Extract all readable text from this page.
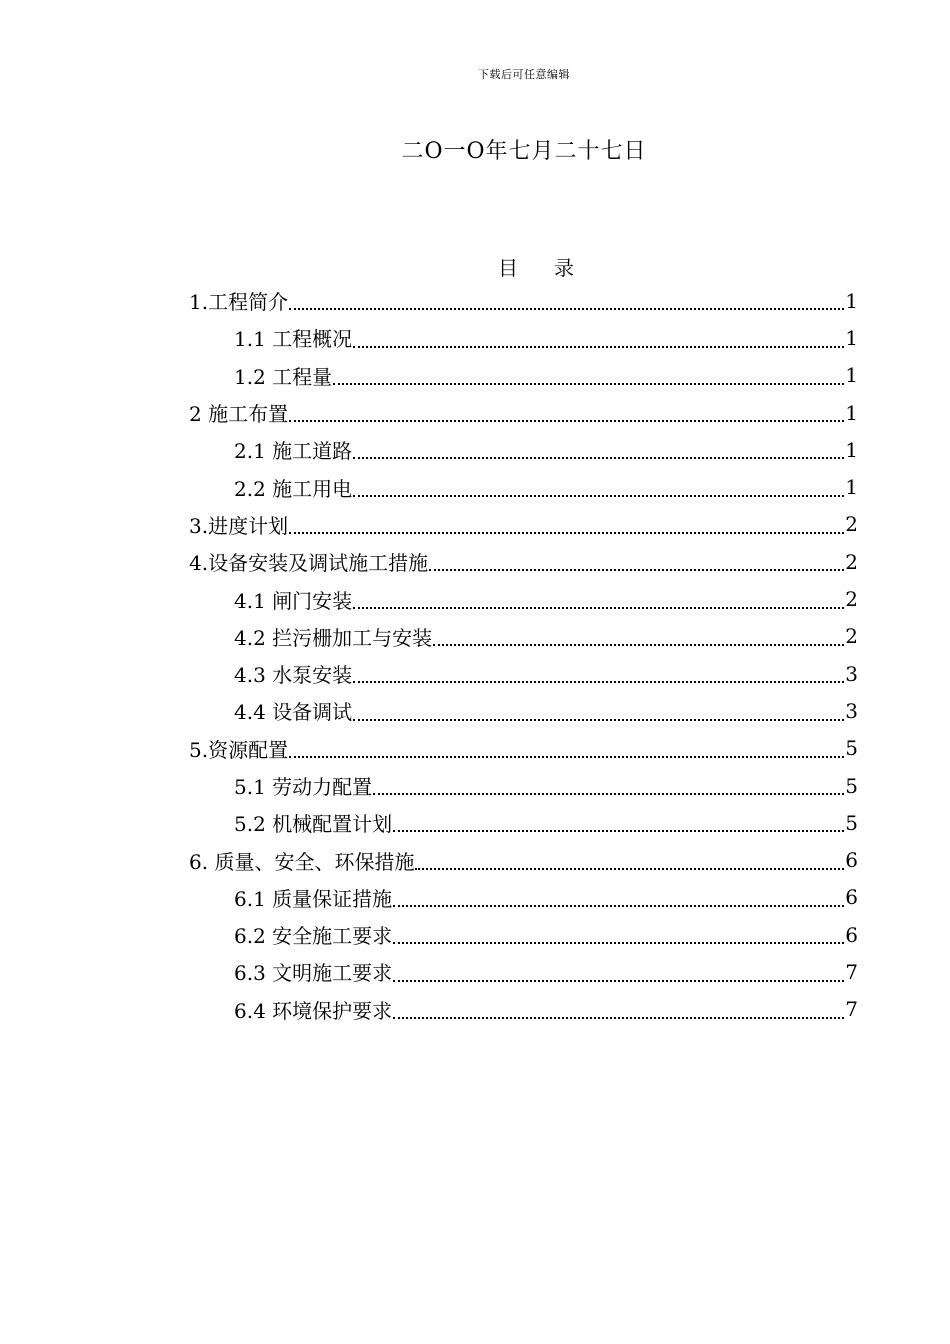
下载后可任意编辑
二O一O年七月二十七日
目 录
1.工程简介	1
1.1 工程概况	1
1.2 工程量	1
2 施工布置	1
2.1 施工道路	1
2.2 施工用电	1
3.进度计划	2
4.设备安装及调试施工措施	2
4.1 闸门安装	2
4.2 拦污栅加工与安装	2
4.3 水泵安装	3
4.4 设备调试	3
5.资源配置	5
5.1 劳动力配置	5
5.2 机械配置计划	5
6. 质量、安全、环保措施	6
6.1 质量保证措施	6
6.2 安全施工要求	6
6.3 文明施工要求	7
6.4 环境保护要求	7
